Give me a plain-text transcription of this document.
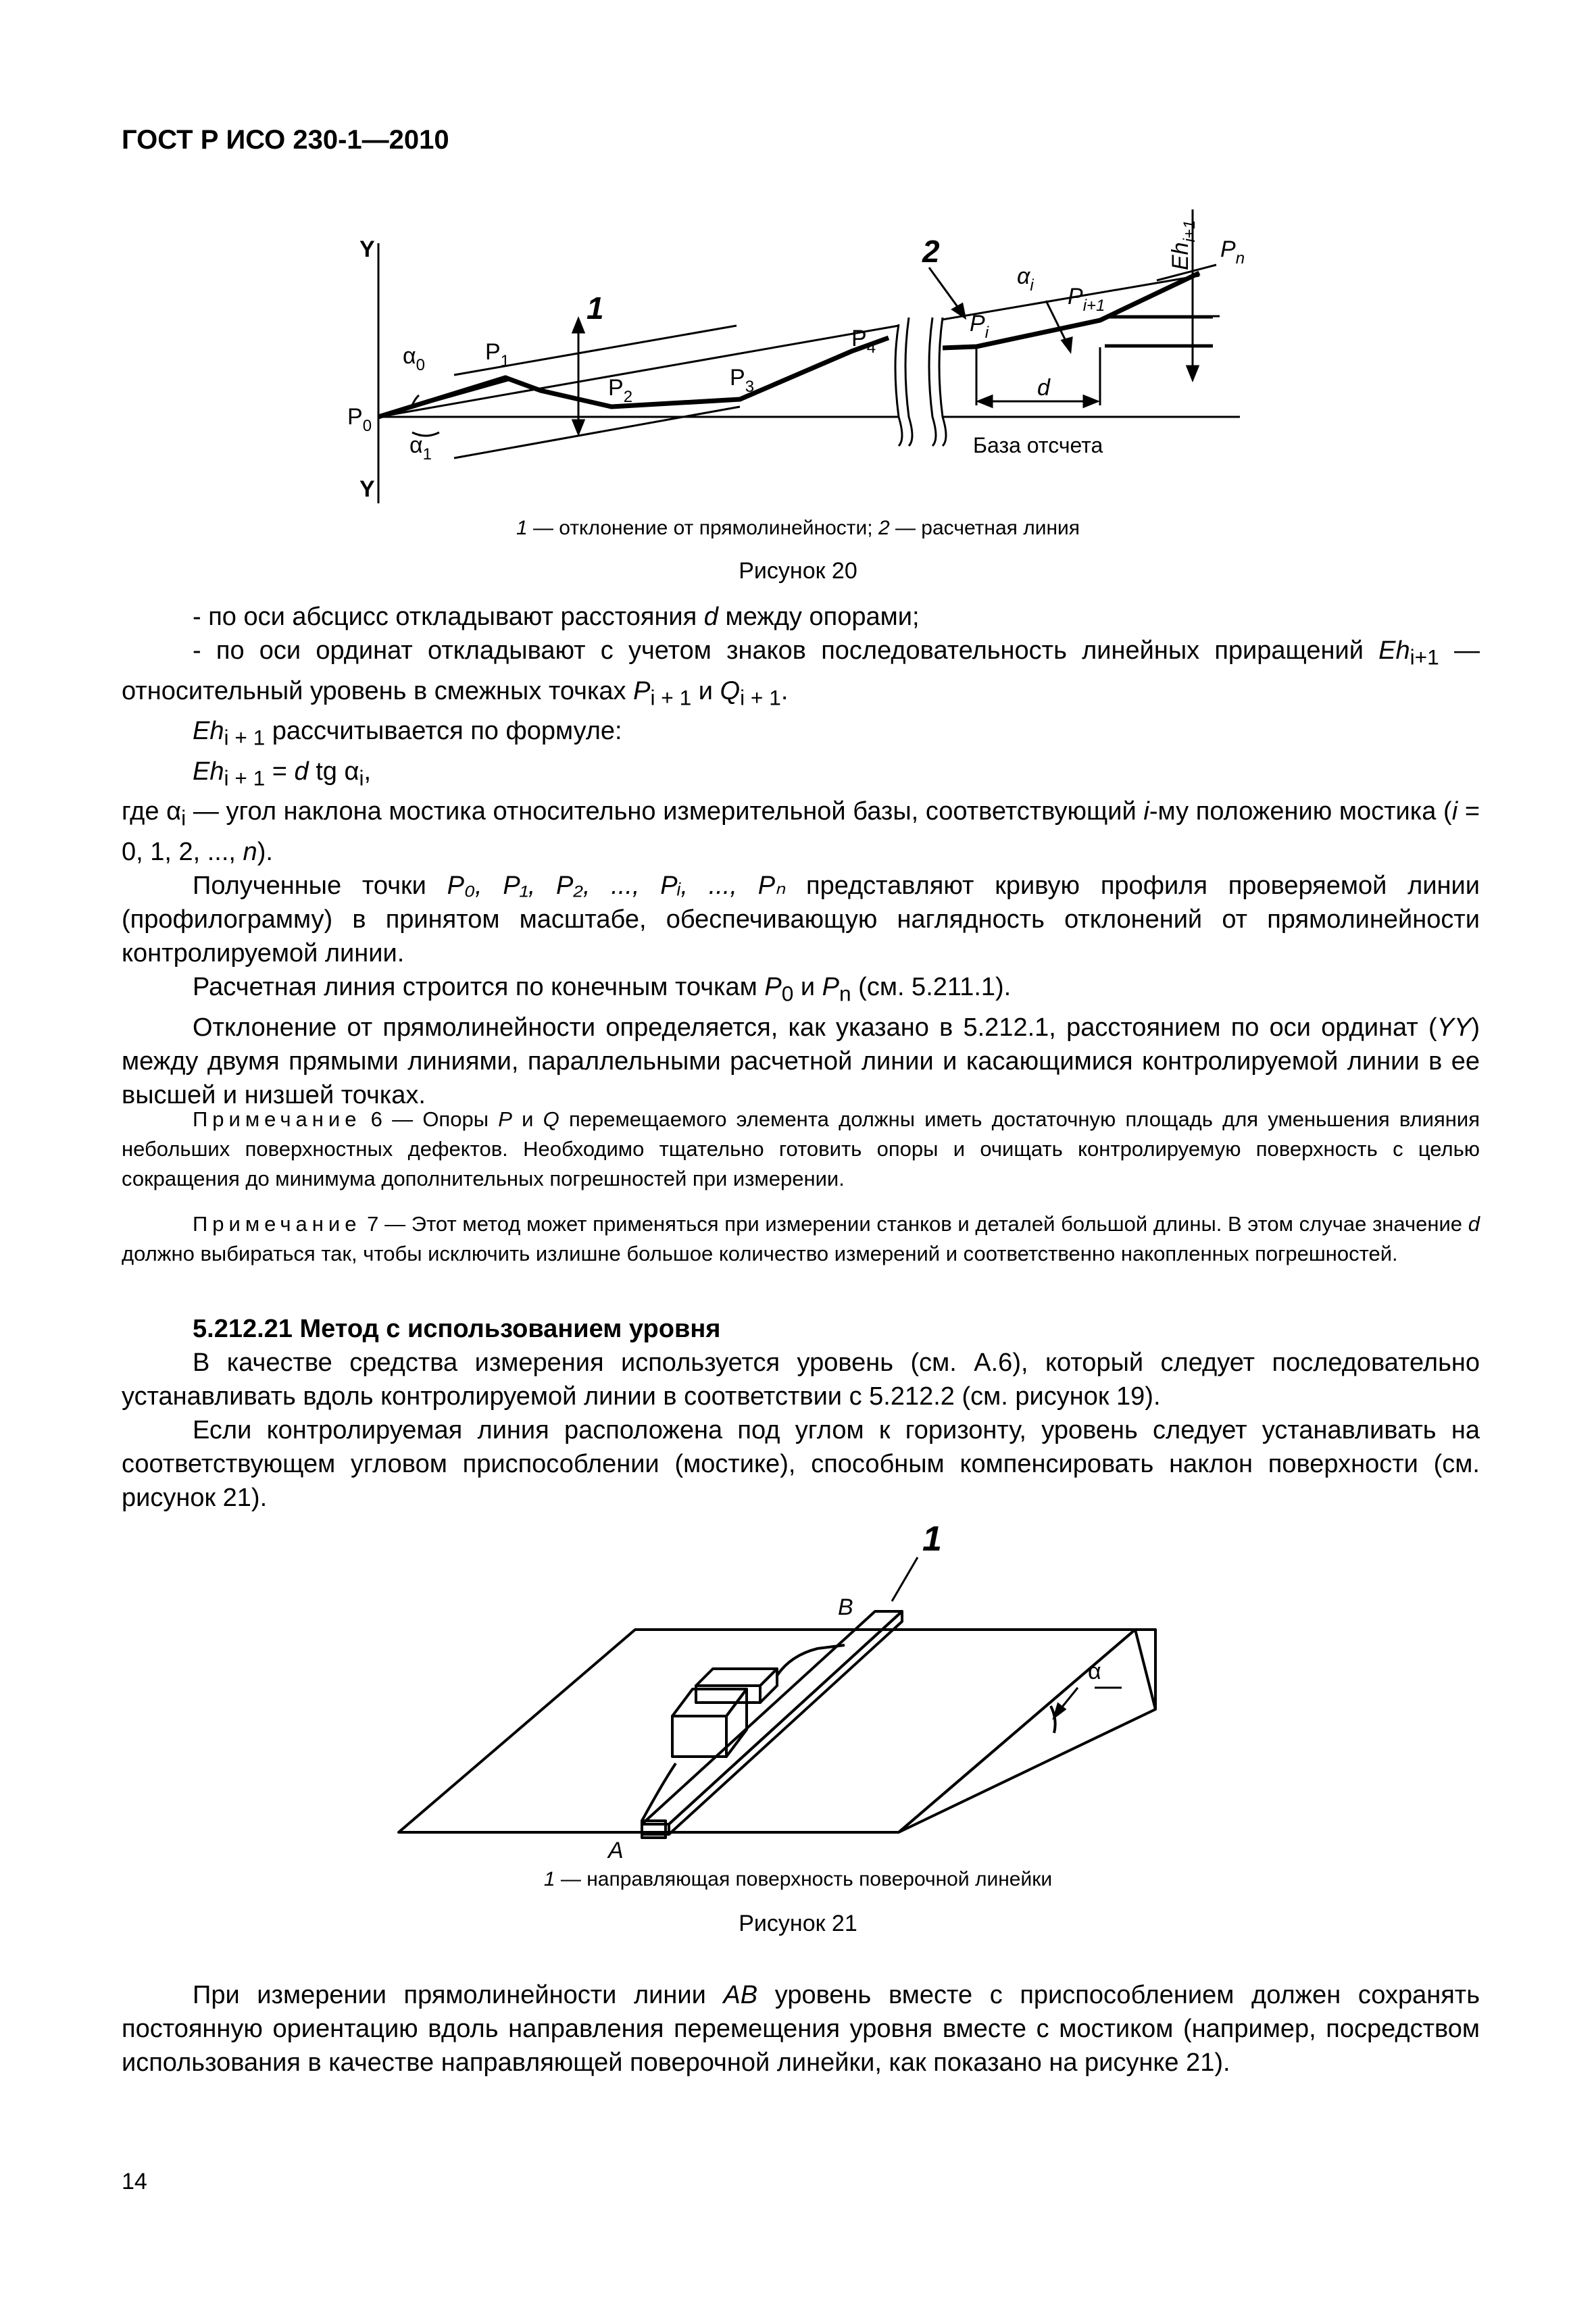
ГОСТ Р ИСО 230-1—2010
Y
Y
$P_0$
$P_1$
$P_2$
$P_3$
$P_4$
$P_i$
$P_{i+1}$
$P_n$
$\alpha_0$
$\alpha_1$
$\alpha_i$
$Eh_{i+1}$
d
1
2
База отсчета
1 — отклонение от прямолинейности; 2 — расчетная линия
Рисунок 20

- по оси абсцисс откладывают расстояния d между опорами;

- по оси ординат откладывают с учетом знаков последовательность линейных приращений $Eh_{i+1}$ — относительный уровень в смежных точках $P_{i + 1}$ и $Q_{i + 1}$.

$Eh_{i + 1}$ рассчитывается по формуле:

$Eh_{i + 1} = d$ tg $\alpha_i$,

где $\alpha_i$ — угол наклона мостика относительно измерительной базы, соответствующий i-му положению мостика (i = 0, 1, 2, ..., n).

Полученные точки P₀, P₁, P₂, ..., Pᵢ, ..., Pₙ представляют кривую профиля проверяемой линии (профилограмму) в принятом масштабе, обеспечивающую наглядность отклонений от прямолинейности контролируемой линии.

Расчетная линия строится по конечным точкам $P_0$ и $P_n$ (см. 5.211.1).

Отклонение от прямолинейности определяется, как указано в 5.212.1, расстоянием по оси ординат (YY) между двумя прямыми линиями, параллельными расчетной линии и касающимися контролируемой линии в ее высшей и низшей точках.

Примечание 6 — Опоры P и Q перемещаемого элемента должны иметь достаточную площадь для уменьшения влияния небольших поверхностных дефектов. Необходимо тщательно готовить опоры и очищать контролируемую поверхность с целью сокращения до минимума дополнительных погрешностей при измерении.

Примечание 7 — Этот метод может применяться при измерении станков и деталей большой длины. В этом случае значение d должно выбираться так, чтобы исключить излишне большое количество измерений и соответственно накопленных погрешностей.

5.212.21 Метод с использованием уровня

В качестве средства измерения используется уровень (см. А.6), который следует последовательно устанавливать вдоль контролируемой линии в соответствии с 5.212.2 (см. рисунок 19).

Если контролируемая линия расположена под углом к горизонту, уровень следует устанавливать на соответствующем угловом приспособлении (мостике), способным компенсировать наклон поверхности (см. рисунок 21).

1
B
A
α
1 — направляющая поверхность поверочной линейки
Рисунок 21

При измерении прямолинейности линии AB уровень вместе с приспособлением должен сохранять постоянную ориентацию вдоль направления перемещения уровня вместе с мостиком (например, посредством использования в качестве направляющей поверочной линейки, как показано на рисунке 21).

14
